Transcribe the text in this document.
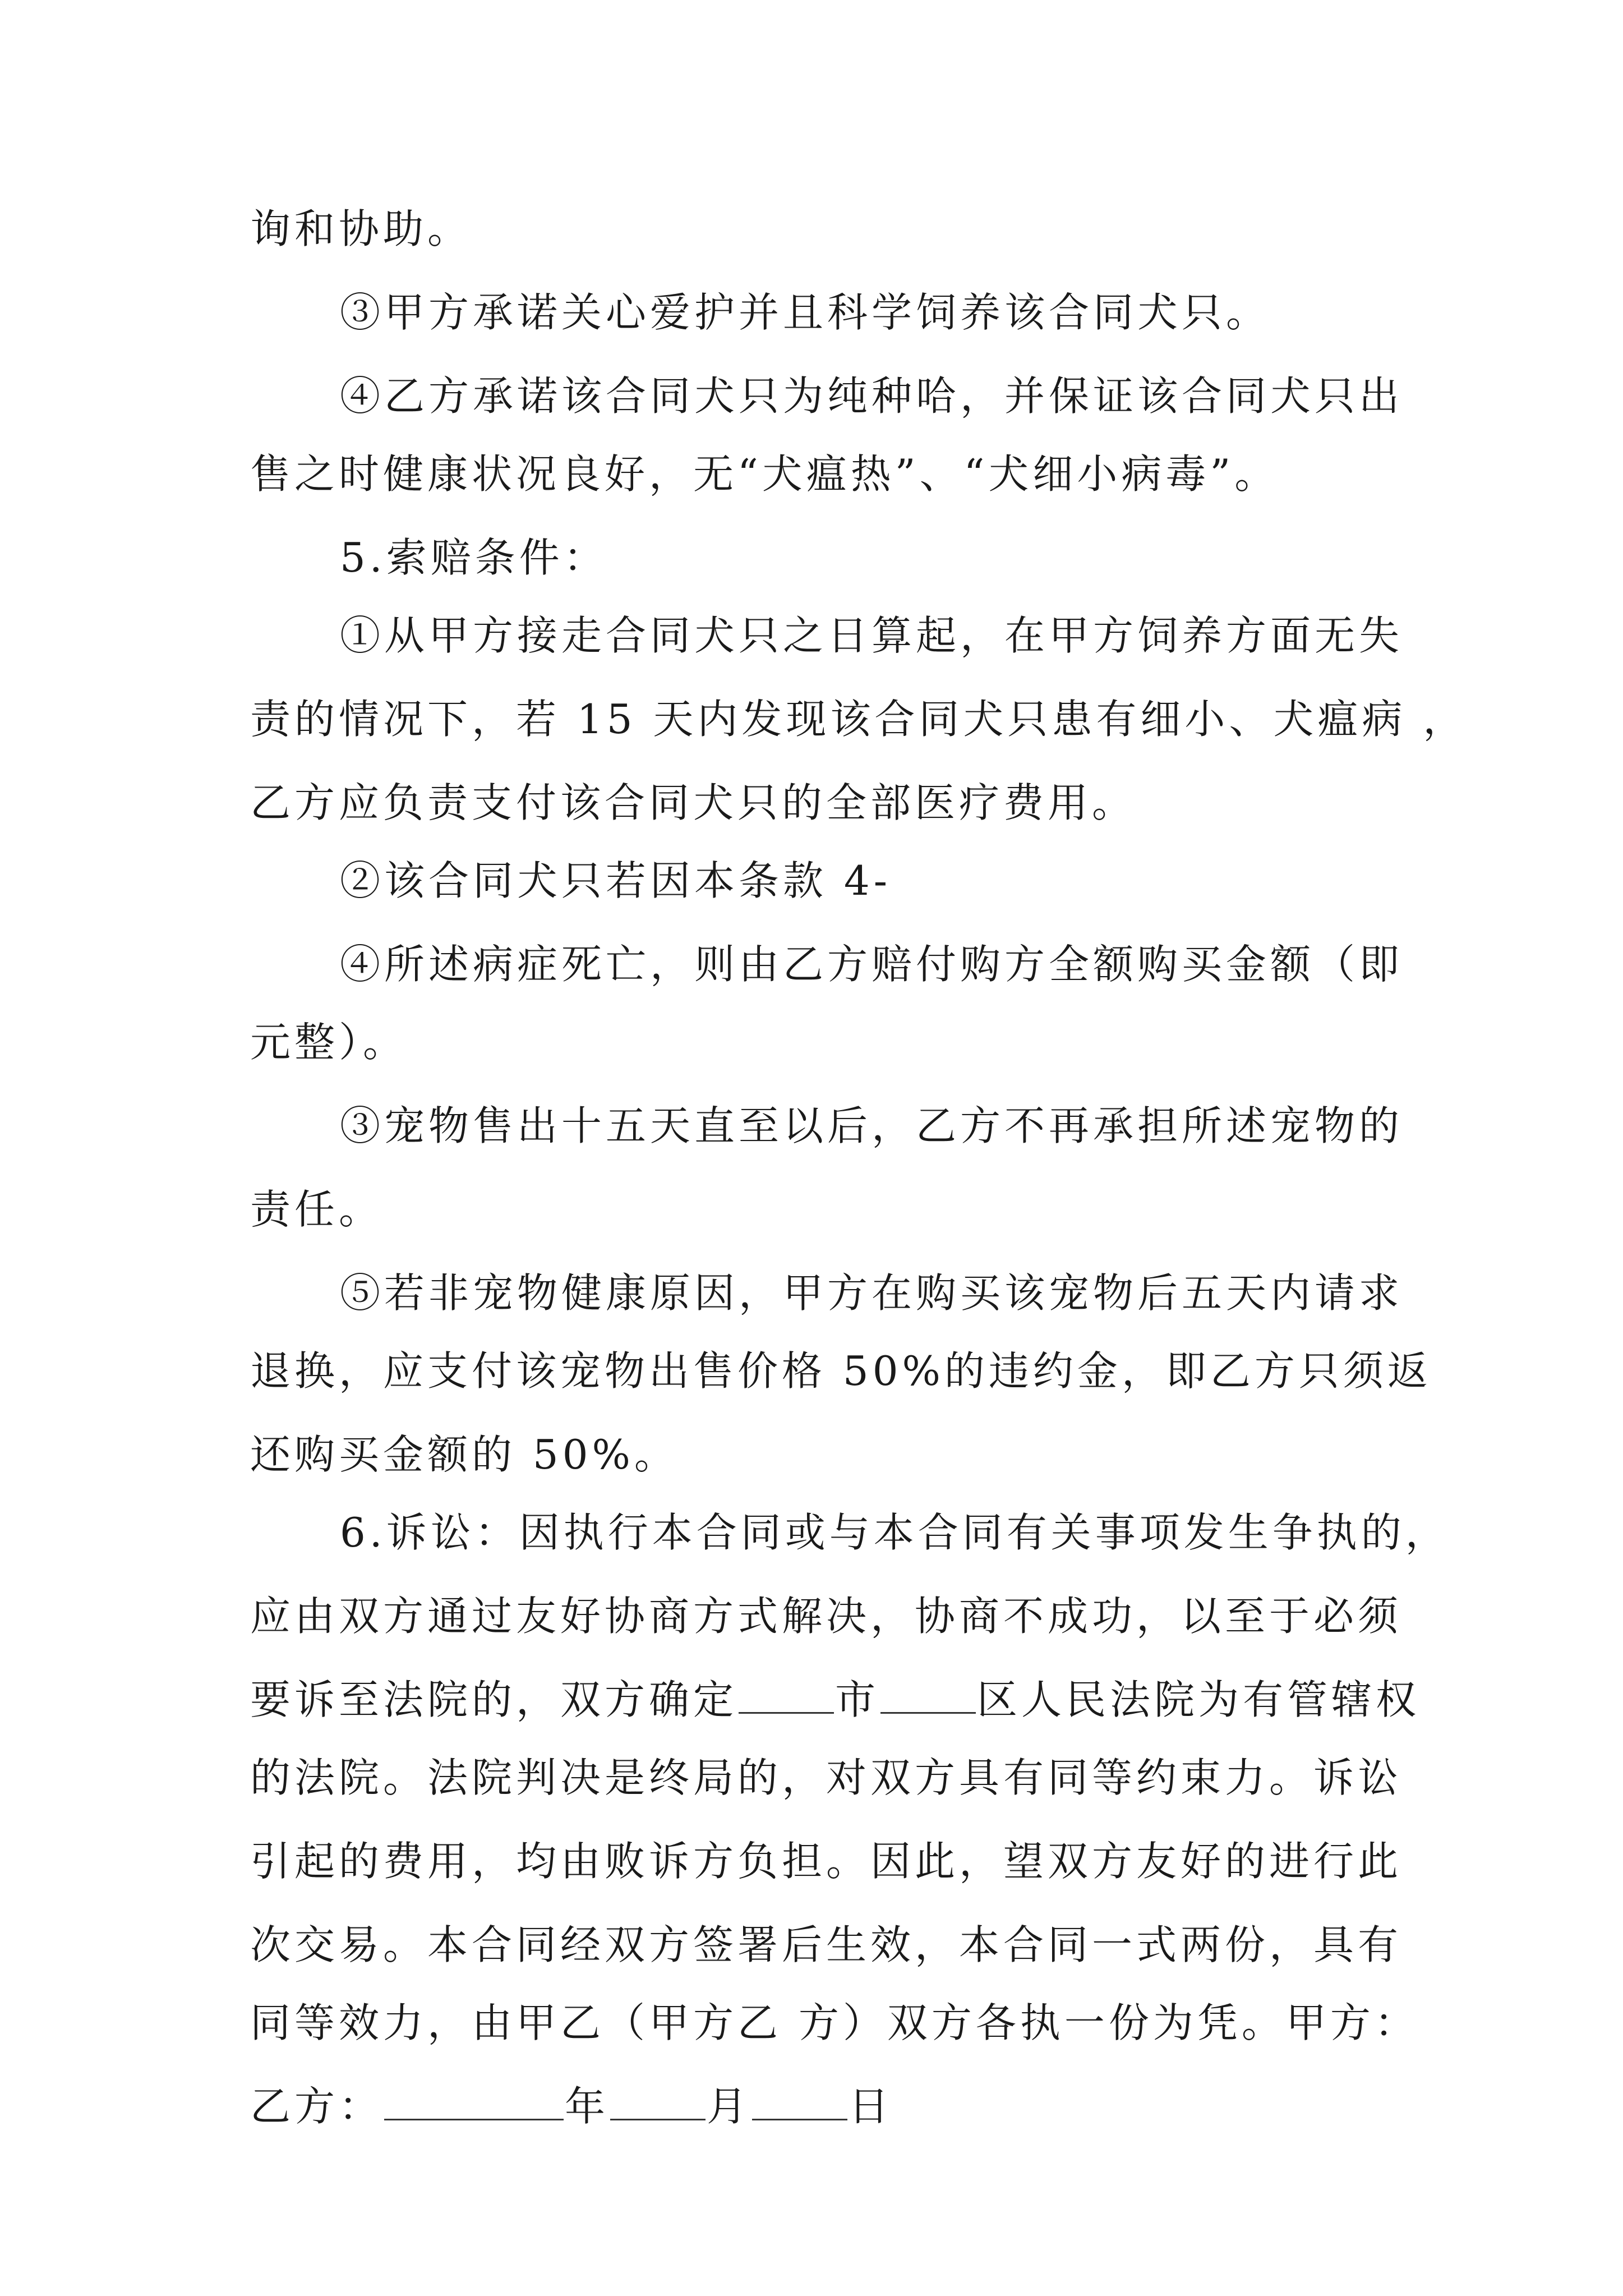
询和协助。
③甲方承诺关心爱护并且科学饲养该合同犬只。
④乙方承诺该合同犬只为纯种哈，并保证该合同犬只出
售之时健康状况良好，无“犬瘟热”、“犬细小病毒”。
5.索赔条件：
①从甲方接走合同犬只之日算起，在甲方饲养方面无失
责的情况下，若 15 天内发现该合同犬只患有细小、犬瘟病 ，
乙方应负责支付该合同犬只的全部医疗费用。
②该合同犬只若因本条款 4-
④所述病症死亡，则由乙方赔付购方全额购买金额（即
元整）。
③宠物售出十五天直至以后，乙方不再承担所述宠物的
责任。
⑤若非宠物健康原因，甲方在购买该宠物后五天内请求
退换，应支付该宠物出售价格 50%的违约金，即乙方只须返
还购买金额的 50%。
6.诉讼：因执行本合同或与本合同有关事项发生争执的，
应由双方通过友好协商方式解决，协商不成功，以至于必须
要诉至法院的，双方确定 市 区人民法院为有管辖权
的法院。法院判决是终局的，对双方具有同等约束力。诉讼
引起的费用，均由败诉方负担。因此，望双方友好的进行此
次交易。本合同经双方签署后生效，本合同一式两份，具有
同等效力，由甲乙（甲方乙 方）双方各执一份为凭。甲方：
乙方：	年 月 日
